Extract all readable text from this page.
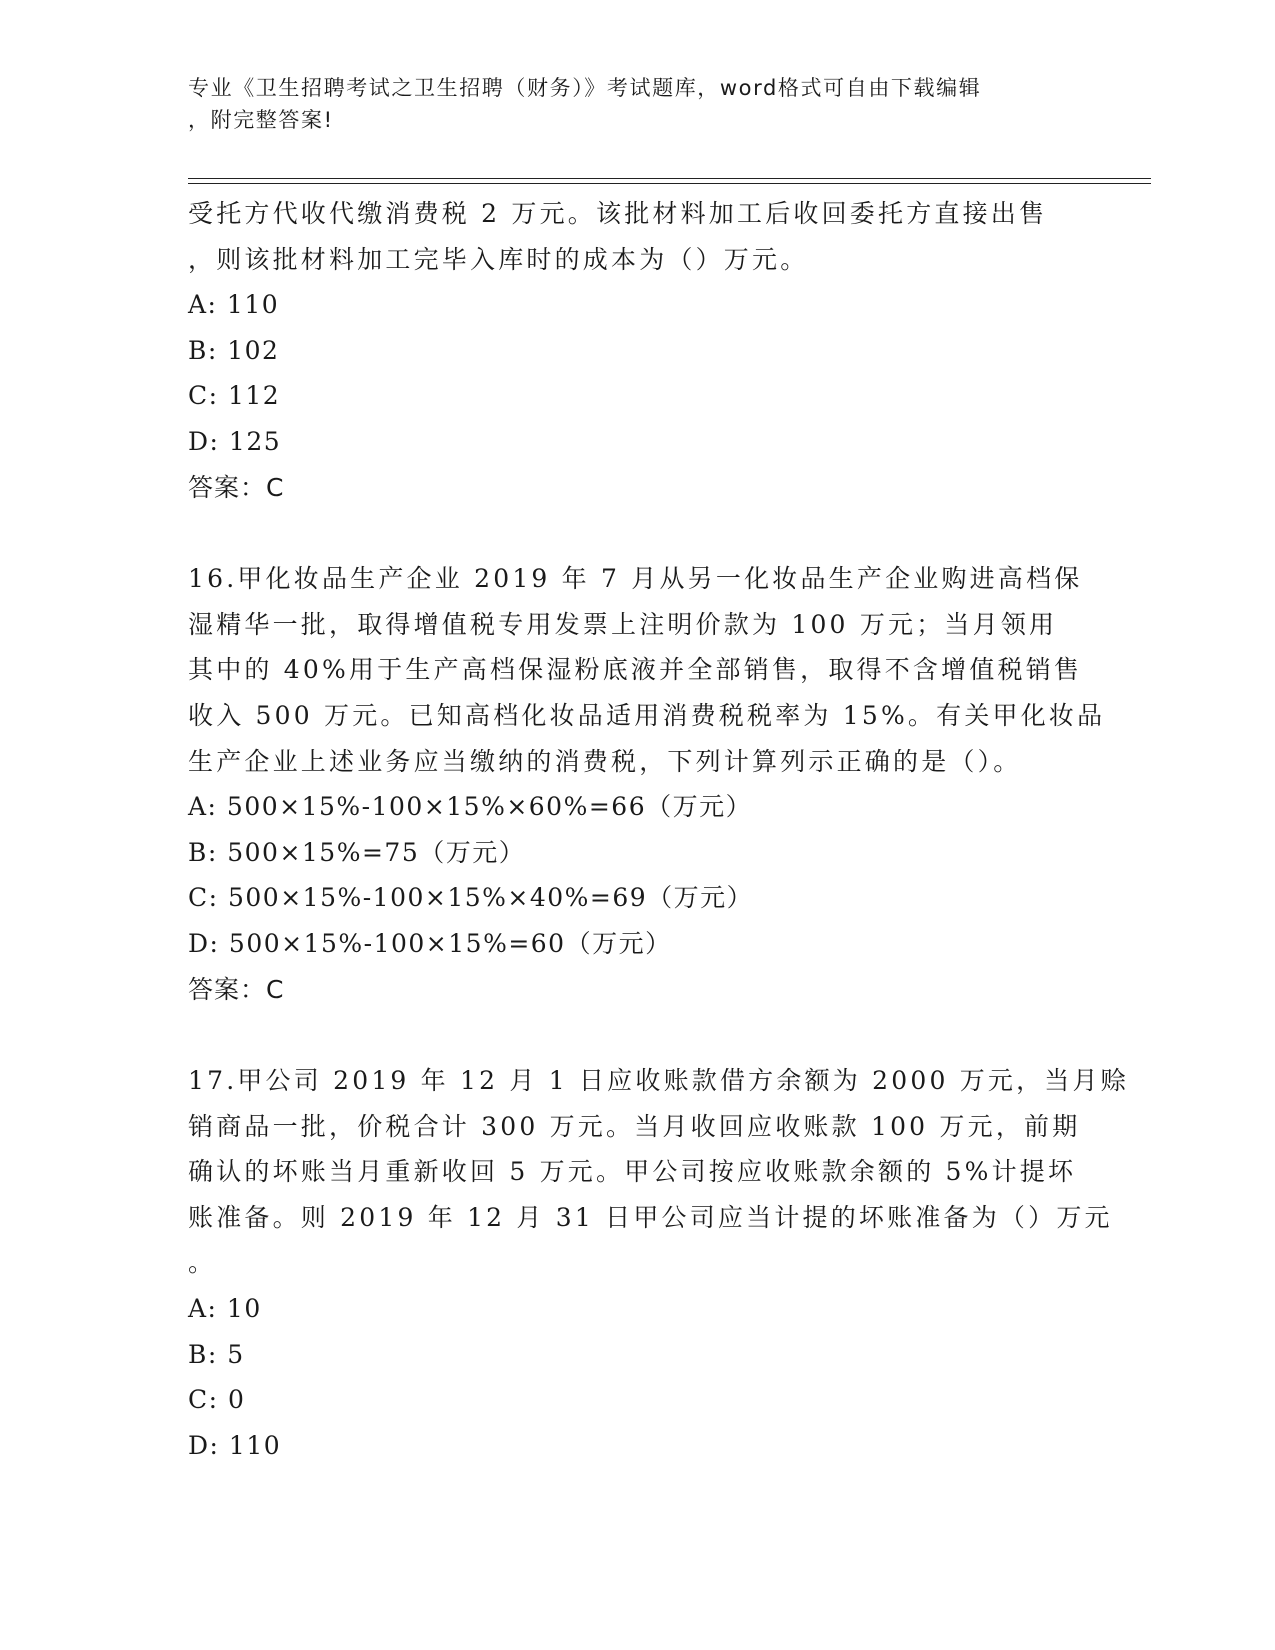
专业《卫生招聘考试之卫生招聘（财务）》考试题库，word格式可自由下载编辑
，附完整答案!
受托方代收代缴消费税 2 万元。该批材料加工后收回委托方直接出售
，则该批材料加工完毕入库时的成本为（）万元。
A: 110
B: 102
C: 112
D: 125
答案：C
16.甲化妆品生产企业 2019 年 7 月从另一化妆品生产企业购进高档保
湿精华一批，取得增值税专用发票上注明价款为 100 万元；当月领用
其中的 40%用于生产高档保湿粉底液并全部销售，取得不含增值税销售
收入 500 万元。已知高档化妆品适用消费税税率为 15%。有关甲化妆品
生产企业上述业务应当缴纳的消费税，下列计算列示正确的是（）。
A: 500×15%-100×15%×60%=66（万元）
B: 500×15%=75（万元）
C: 500×15%-100×15%×40%=69（万元）
D: 500×15%-100×15%=60（万元）
答案：C
17.甲公司 2019 年 12 月 1 日应收账款借方余额为 2000 万元，当月赊
销商品一批，价税合计 300 万元。当月收回应收账款 100 万元，前期
确认的坏账当月重新收回 5 万元。甲公司按应收账款余额的 5%计提坏
账准备。则 2019 年 12 月 31 日甲公司应当计提的坏账准备为（）万元
。
A: 10
B: 5
C: 0
D: 110
